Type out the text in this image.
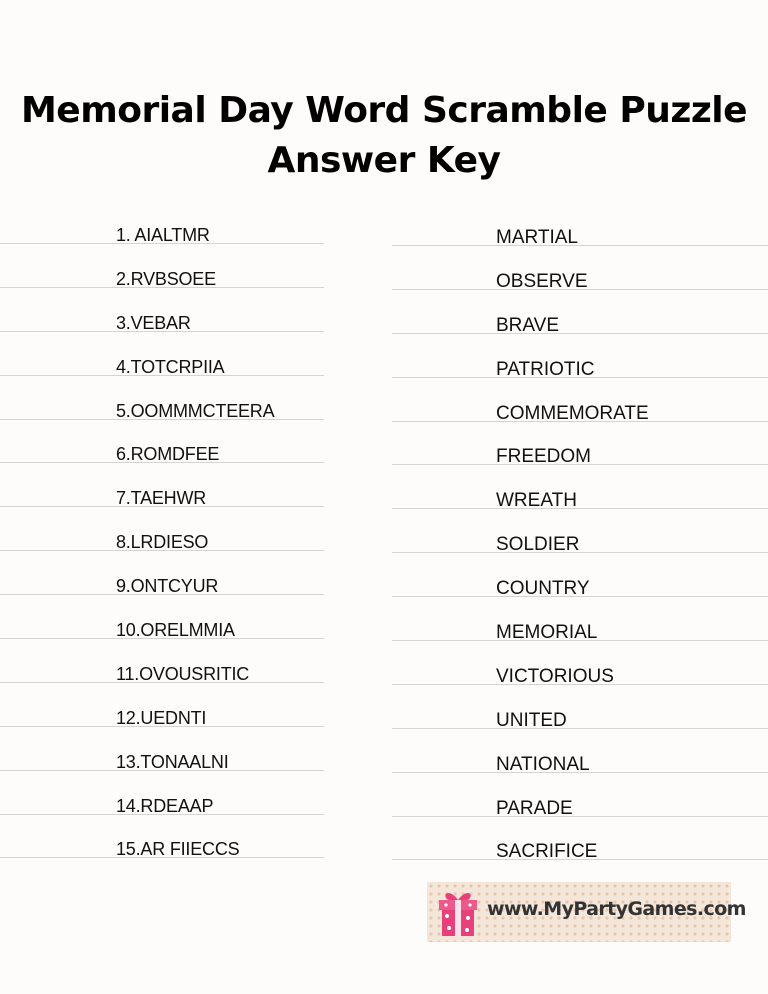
Memorial Day Word Scramble Puzzle
Answer Key
1. AIALTMR	MARTIAL
2.RVBSOEE	OBSERVE
3.VEBAR	BRAVE
4.TOTCRPIIA	PATRIOTIC
5.OOMMMCTEERA	COMMEMORATE
6.ROMDFEE	FREEDOM
7.TAEHWR	WREATH
8.LRDIESO	SOLDIER
9.ONTCYUR	COUNTRY
10.ORELMMIA	MEMORIAL
11.OVOUSRITIC	VICTORIOUS
12.UEDNTI	UNITED
13.TONAALNI	NATIONAL
14.RDEAAP	PARADE
15.AR FIIECCS	SACRIFICE
www.MyPartyGames.com
